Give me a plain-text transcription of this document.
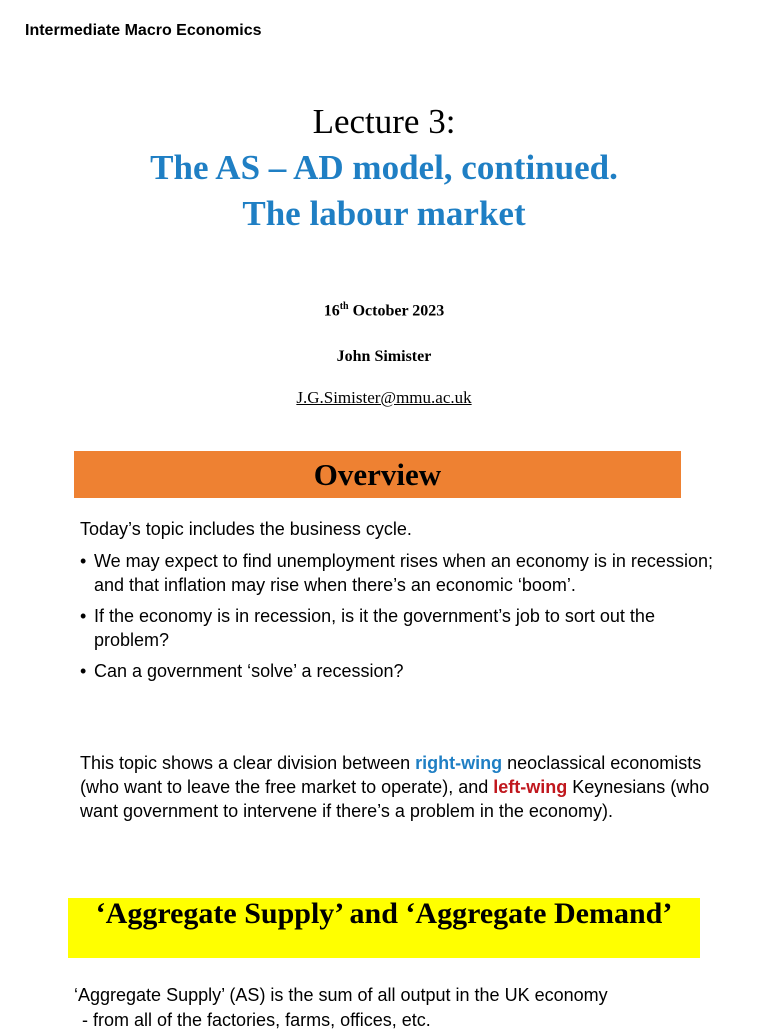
Intermediate Macro Economics
Lecture 3:
The AS – AD model, continued.
The labour market
16th October 2023
John Simister
J.G.Simister@mmu.ac.uk
Overview
Today’s topic includes the business cycle.
• We may expect to find unemployment rises when an economy is in recession; and that inflation may rise when there’s an economic ‘boom’.
• If the economy is in recession, is it the government’s job to sort out the problem?
• Can a government ‘solve’ a recession?
This topic shows a clear division between right-wing neoclassical economists (who want to leave the free market to operate), and left-wing Keynesians (who want government to intervene if there’s a problem in the economy).
‘Aggregate Supply’ and ‘Aggregate Demand’
‘Aggregate Supply’ (AS) is the sum of all output in the UK economy
- from all of the factories, farms, offices, etc.
